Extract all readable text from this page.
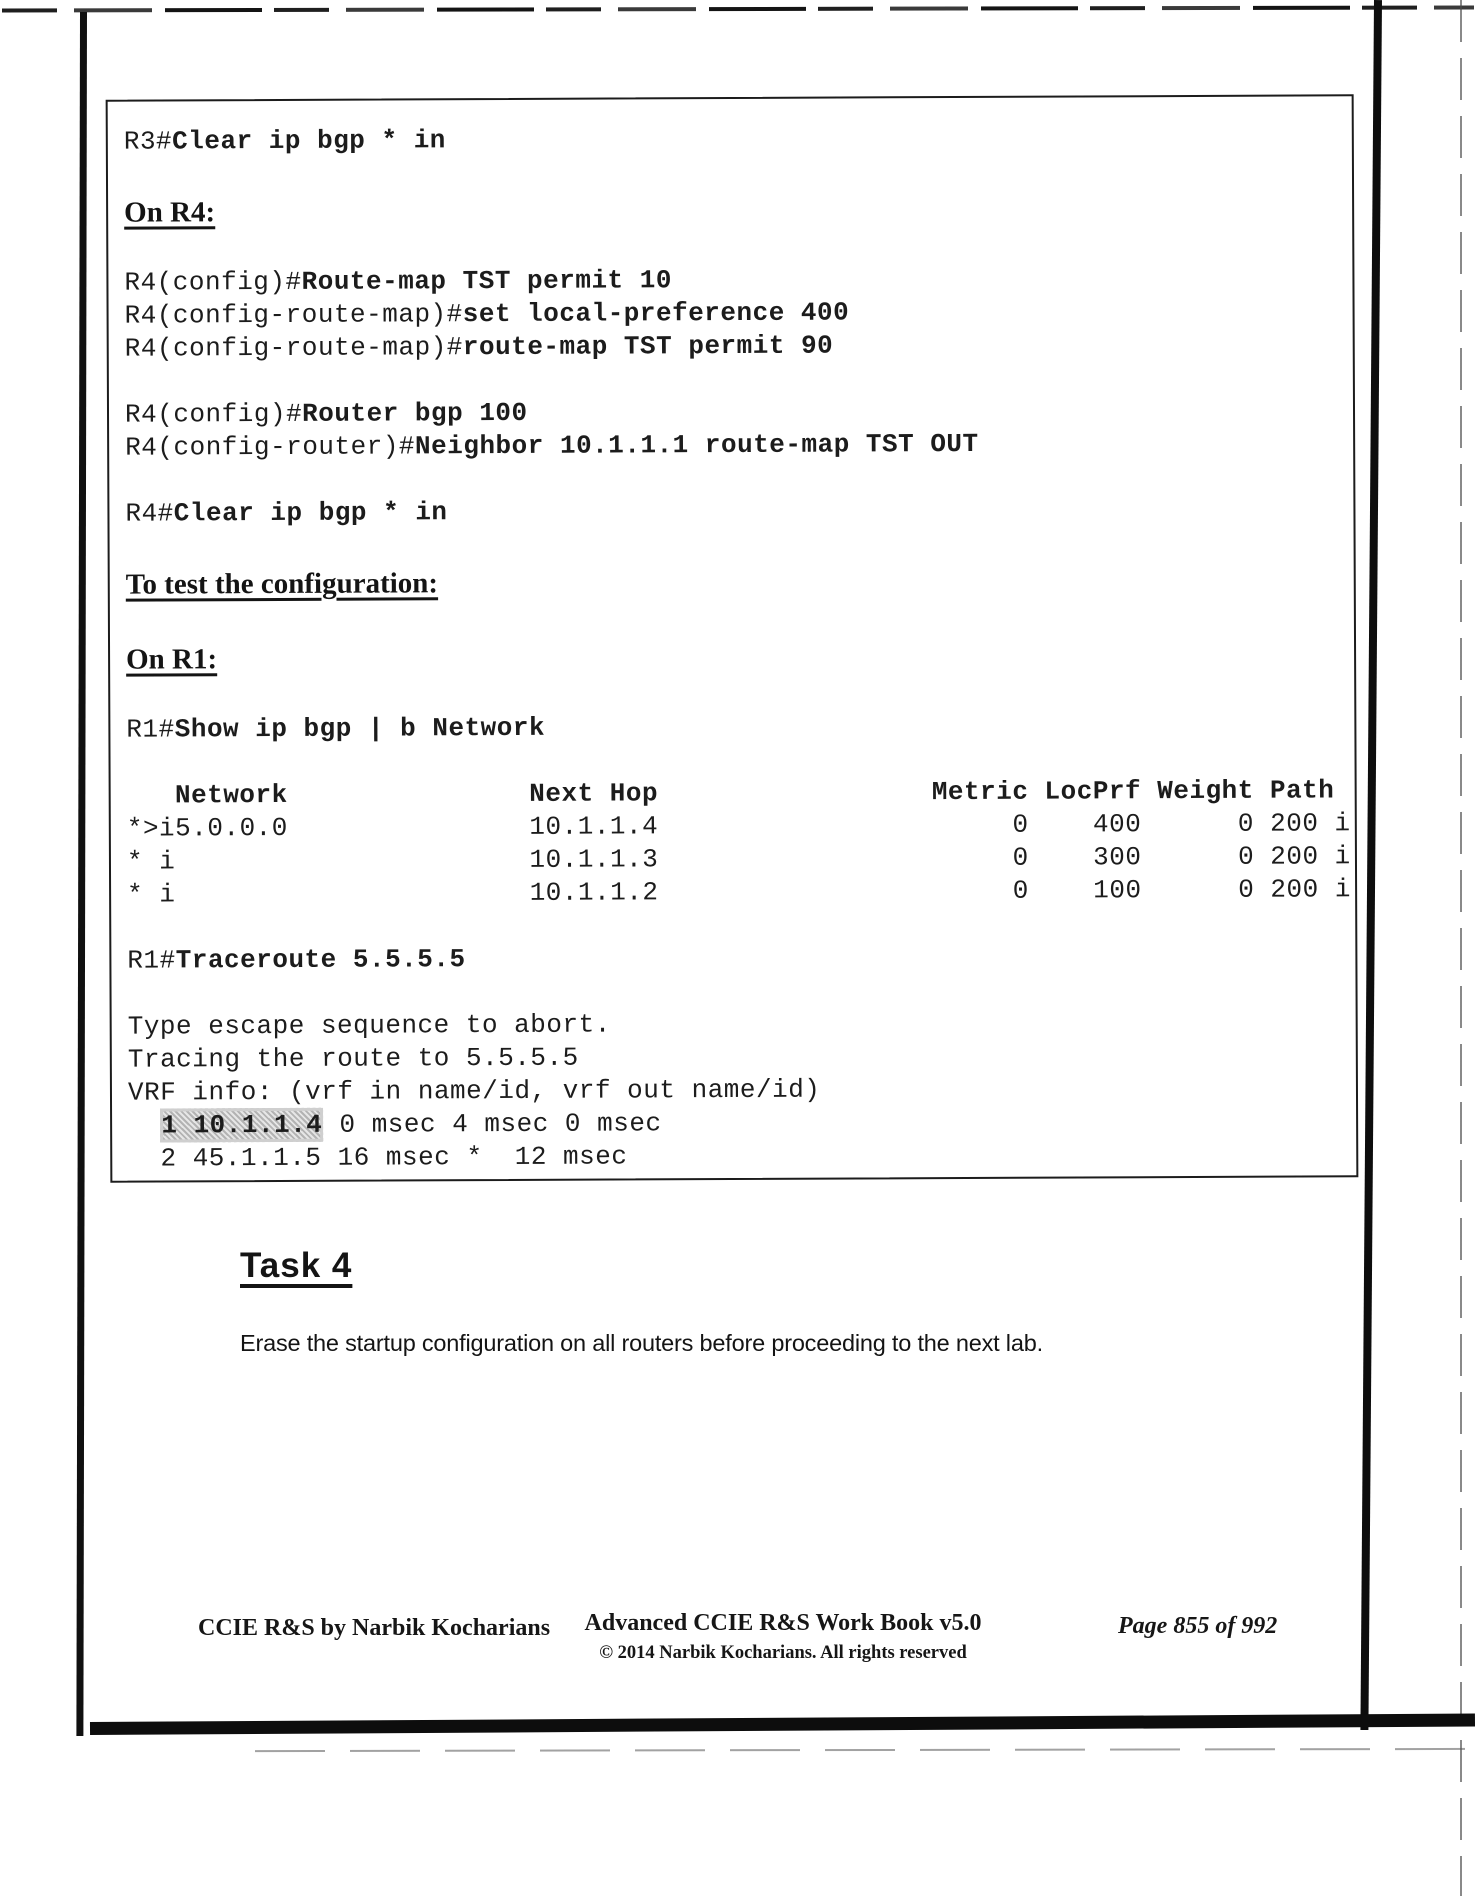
R3#Clear ip bgp * in
On R4:
R4(config)#Route-map TST permit 10
R4(config-route-map)#set local-preference 400
R4(config-route-map)#route-map TST permit 90
R4(config)#Router bgp 100
R4(config-router)#Neighbor 10.1.1.1 route-map TST OUT
R4#Clear ip bgp * in
To test the configuration:
On R1:
R1#Show ip bgp | b Network
Network               Next Hop                 Metric LocPrf Weight Path
*>i5.0.0.0               10.1.1.4                      0    400      0 200 i
* i                      10.1.1.3                      0    300      0 200 i
* i                      10.1.1.2                      0    100      0 200 i
R1#Traceroute 5.5.5.5
Type escape sequence to abort.
Tracing the route to 5.5.5.5
VRF info: (vrf in name/id, vrf out name/id)
1 10.1.1.4 0 msec 4 msec 0 msec
2 45.1.1.5 16 msec *  12 msec
Task 4
Erase the startup configuration on all routers before proceeding to the next lab.
CCIE R&S by Narbik Kocharians	Advanced CCIE R&S Work Book v5.0
© 2014 Narbik Kocharians. All rights reserved
Page 855 of 992
